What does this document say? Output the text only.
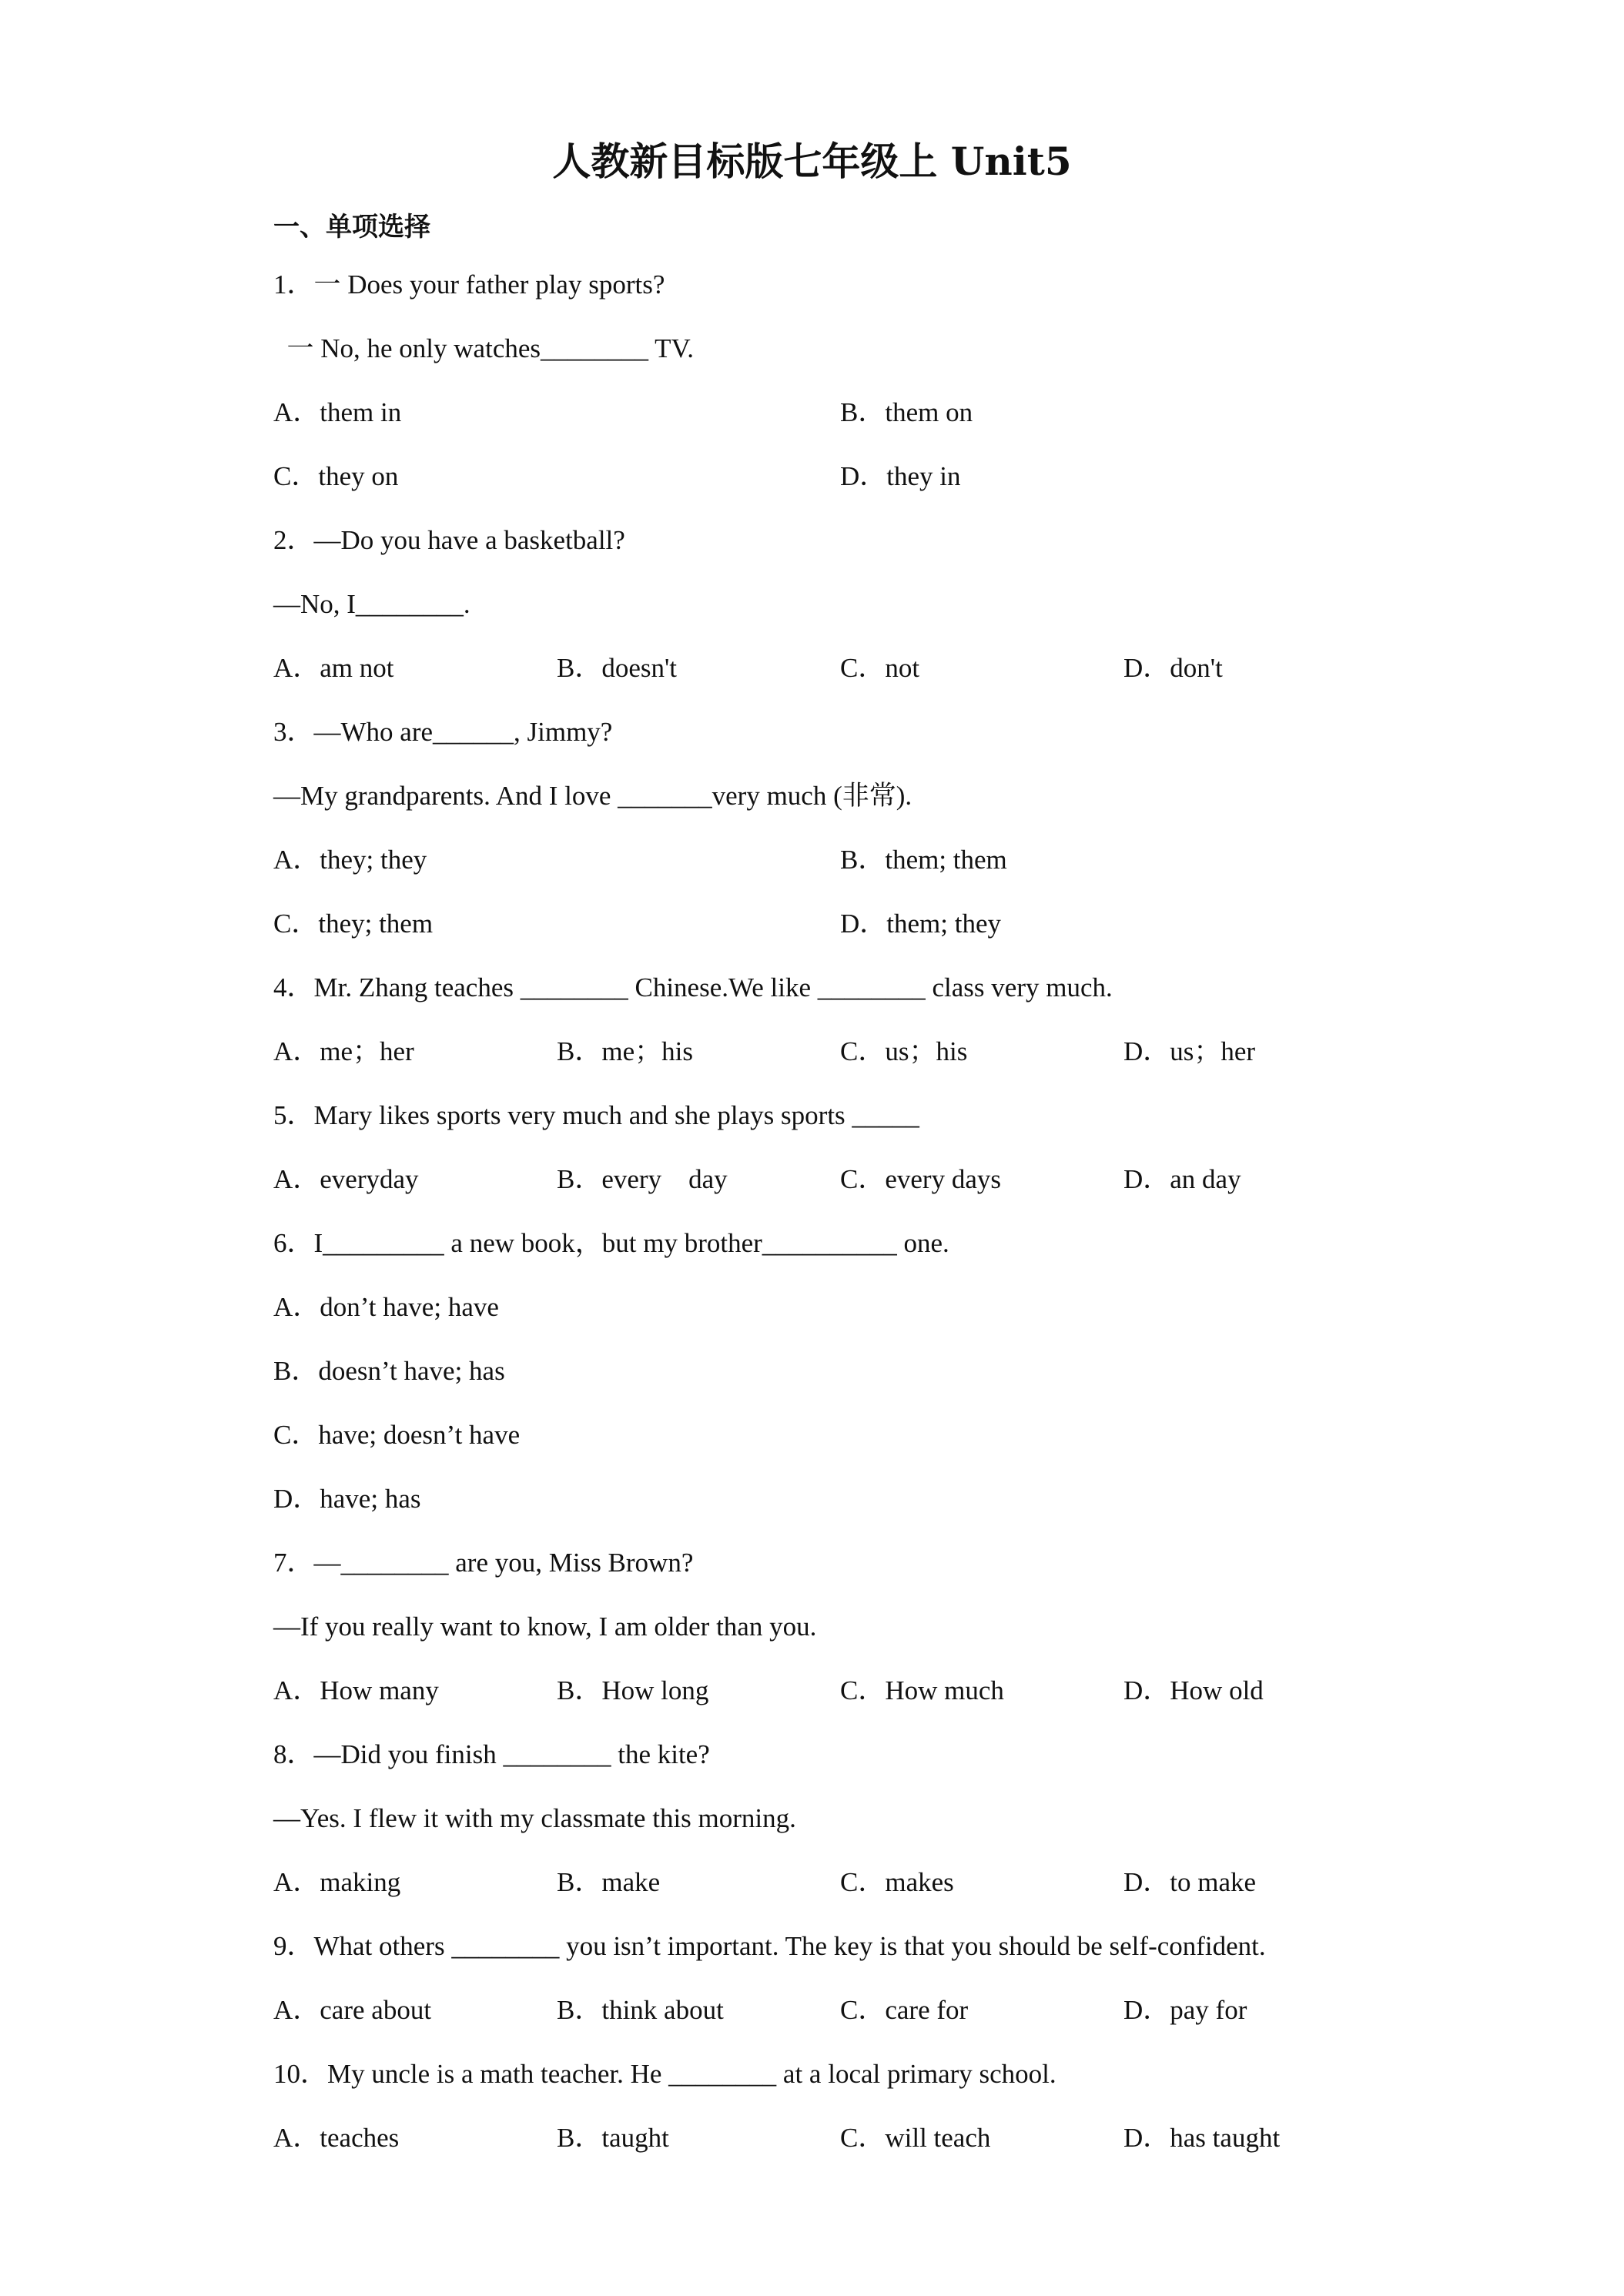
人教新目标版七年级上 Unit5
一、单项选择
1．一 Does your father play sports?
一 No, he only watches________ TV.
A．them in	B．them on
C．they on	D．they in
2．—Do you have a basketball?
—No, I________.
A．am not	B．doesn't	C．not	D．don't
3．—Who are______, Jimmy?
—My grandparents. And I love _______very much (非常).
A．they; they	B．them; them
C．they; them	D．them; they
4．Mr. Zhang teaches ________ Chinese.We like ________ class very much.
A．me；her	B．me；his	C．us；his	D．us；her
5．Mary likes sports very much and she plays sports _____
A．everyday	B．every    day	C．every days	D．an day
6．I_________ a new book，but my brother__________ one.
A．don’t have; have
B．doesn’t have; has
C．have; doesn’t have
D．have; has
7．—________ are you, Miss Brown?
—If you really want to know, I am older than you.
A．How many	B．How long	C．How much	D．How old
8．—Did you finish ________ the kite?
—Yes. I flew it with my classmate this morning.
A．making	B．make	C．makes	D．to make
9．What others ________ you isn’t important. The key is that you should be self-confident.
A．care about	B．think about	C．care for	D．pay for
10．My uncle is a math teacher. He ________ at a local primary school.
A．teaches	B．taught	C．will teach	D．has taught
